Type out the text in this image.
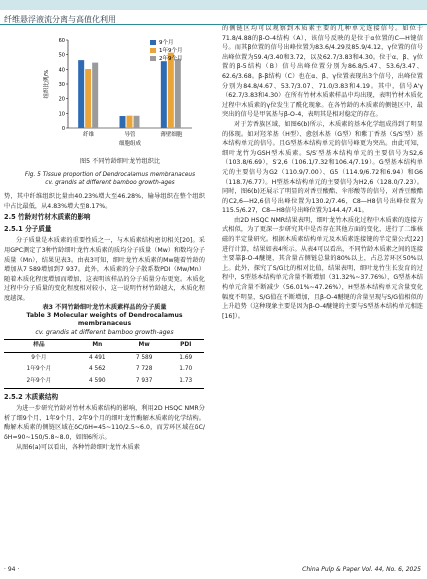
纤维悬浮液流分离与高值化利用
0
10
20
30
40
50
60
组织比例/%
纤维	导管	薄壁细胞
细胞组成
9个月
1年9个月
2年9个月
图5 不同竹龄细叶龙竹组织比
Fig. 5 Tissue proportion of Dendrocalamus membranaceus cv. grandis at different bamboo growth-ages

势，其中纤维组织比量由40.23%增大至46.28%，输导组织在整个组织中占比最低，从4.83%增大至8.17%。

2.5 竹龄对竹材木质素的影响
2.5.1 分子质量

分子质量是木质素的重要性质之一，与木质素结构密切相关[20]。采用GPC测定了3种竹龄细叶龙竹木质素的质均分子质量（Mw）和数均分子质量（Mn），结果见表3。由表3可知，细叶龙竹木质素的Mw随着竹龄的增加从7 589增加到7 937。此外，木质素的分子散系数PDI（Mw/Mn）随着木质化程度增加而增加，这表明该样品的分子质量分布更宽。木质化过程中分子质量的变化程度相对较小，这一说明竹材竹龄越大，木质化程度越深。

表3 不同竹龄细叶龙竹木质素样品的分子质量
Table 3 Molecular weights of Dendrocalamus membranaceus
cv. grandis at different bamboo growth-ages
样品	Mn	Mw	PDI
9个月	4 491	7 589	1.69
1年9个月	4 562	7 728	1.70
2年9个月	4 590	7 937	1.73
2.5.2 木质素结构

为进一步研究竹龄对竹材木质素结构的影响，利用2D HSQC NMR分析了细9个月、1年9个月、2年9个月的细叶龙竹酶解木质素的化学结构。酶解木质素的侧链区域在δC/δH=45~110/2.5~6.0，而芳环区域在δC/δH=90~150/5.8~8.0，如图6所示。

从图6(a)可以看出，各种竹龄细叶龙竹木质素

的侧链区均可以观察到木质素主要的几种单元连接信号。如位于71.8/4.88的β-O-4结构（A），该信号反映的是位于α位置的C—H键信号。而其β位置的信号出峰位置为83.6/4.29及85.9/4.12，γ位置的信号出峰位置为59.4/3.40和3.72，以及62.7/3.83和4.30。位于α、β、γ位置的β-5结构（B）信号出峰位置分别为86.8/5.47、53.6/3.47、62.6/3.68。β-β结构（C）也在α、β、γ位置表现出3个信号，出峰位置分别为84.8/4.67、53.7/3.07、71.0/3.83和4.19。其中，信号A'γ（62.7/3.83和4.30）在所有竹材木质素样品中均出现，表明竹材木质化过程中木质素的γ位发生了酰化现象。在各竹龄的木质素的侧链区中，最突出的信号是甲氧基与β-O-4，表明其是相对稳定的存在。

对于芳香族区域，如图6(b)所示，木质素的基本化学组成得到了明显的体现。如对羟苯基（H型）、愈创木基（G型）和紫丁香基（S/S′型）基本结构单元的信号。且G型基本结构单元的信号峰更为突出。由此可知，细叶龙竹为GSH型木质素。S/S′型基本结构单元的主要信号为S2,6（103.8/6.69），S′2,6（106.1/7.32和106.4/7.19）。G型基本结构单元的主要信号为G2（110.9/7.00）、G5（114.9/6.72和6.94）和G6（118.7/6.77）。H型基本结构单元的主要信号为H2,6（128.0/7.23）。同时，图6(b)还展示了明显的对香豆酸酯、伞形酸等的信号，对香豆酸酯的C2,6—H2,6信号出峰位置为130.2/7.46，C8—H8信号出峰位置为115.5/6.27，C8—H8信号出峰位置为144.4/7.41。

由2D HSQC NMR结果表明，细叶龙竹木质化过程中木质素的连接方式相似，为了更深一步研究其中是否存在其他方面的变化，进行了二维核磁的半定量研究。根据木质素结构单元及木质素连接键的半定量公式[22]进行计算，结果如表4所示。从表4可以看出，不同竹龄木质素之间的连接主要靠β-O-4醚键，其含量占侧链总量的80%以上，占总芳环区50%以上。此外，探究了S/G比的相对比值，结果表明，细叶龙竹生长发育的过程中，S型基本结构单元含量不断增加（31.32%~37.76%），G型基本结构单元含量不断减少（56.01%~47.26%），H型基本结构单元含量变化幅度不明显，S/G值在不断增加，且β-O-4醚键的含量呈现与S/G值相似的上升趋势（这种现象主要是因为β-O-4醚键的主要与S型基本结构单元相连[16]）。

· 94 ·	China Pulp & Paper Vol. 44, No. 6, 2025
